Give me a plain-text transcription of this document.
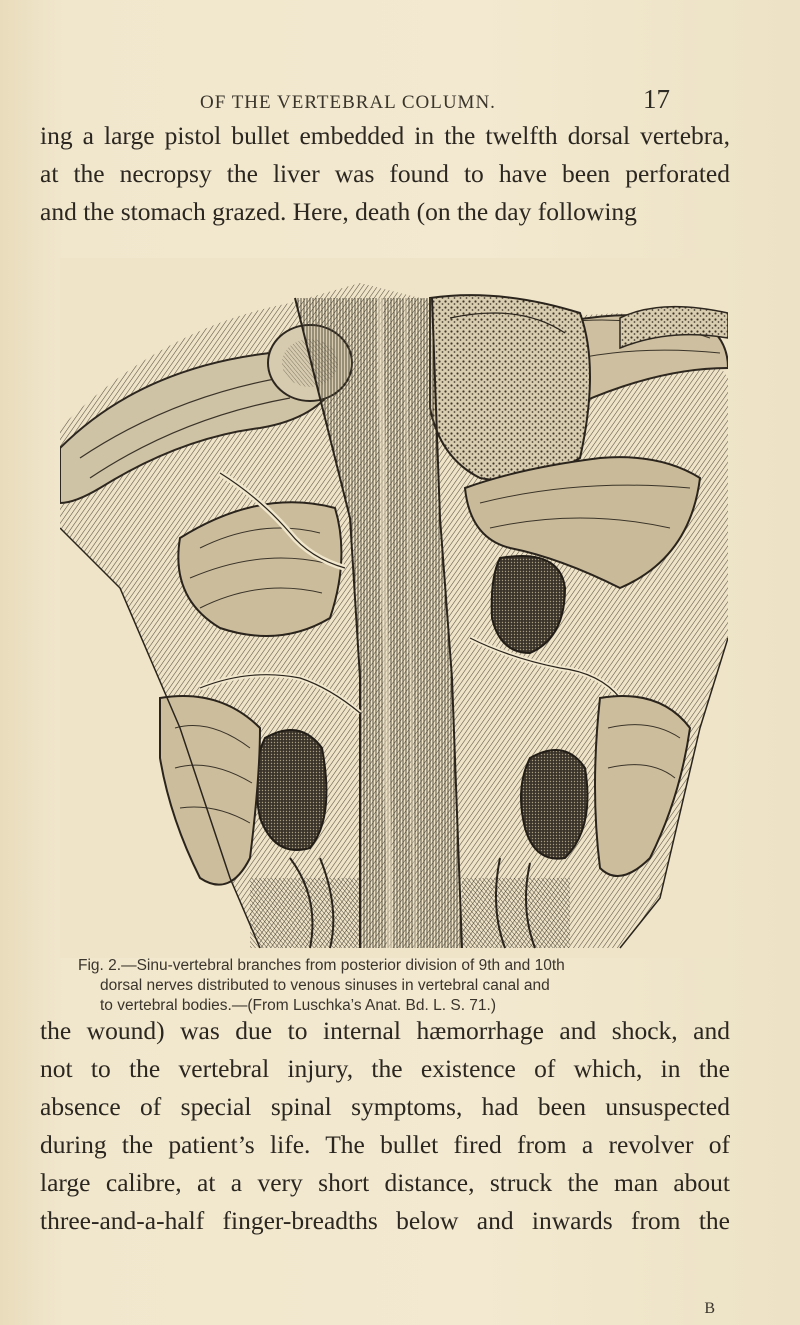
OF THE VERTEBRAL COLUMN.	17
ing a large pistol bullet embedded in the twelfth dorsal vertebra,
at the necropsy the liver was found to have been perforated
and the stomach grazed. Here, death (on the day following
Fig. 2.—Sinu-vertebral branches from posterior division of 9th and 10th
dorsal nerves distributed to venous sinuses in vertebral canal and
to vertebral bodies.—(From Luschka’s Anat. Bd. L. S. 71.)
the wound) was due to internal hæmorrhage and shock, and
not to the vertebral injury, the existence of which, in the
absence of special spinal symptoms, had been unsuspected
during the patient’s life. The bullet fired from a revolver of
large calibre, at a very short distance, struck the man about
three-and-a-half finger-breadths below and inwards from the
B
